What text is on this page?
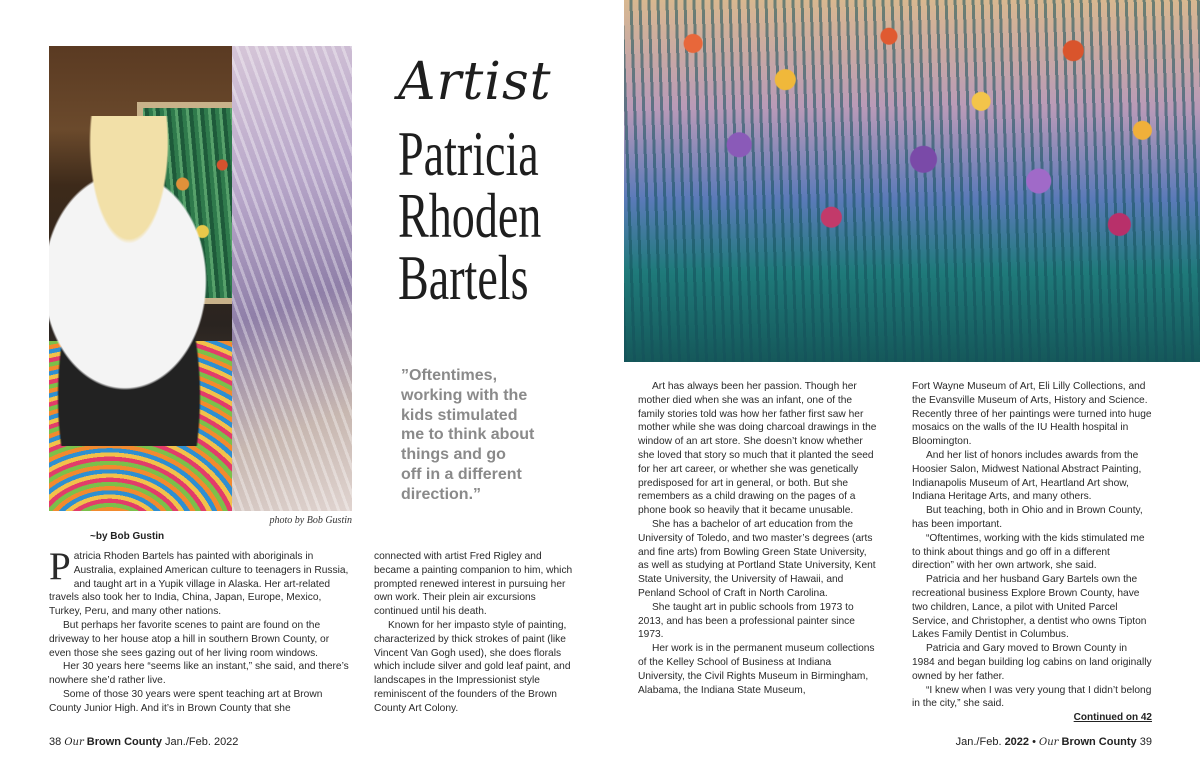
photo by Bob Gustin
Artist
Patricia
Rhoden
Bartels
”Oftentimes,
working with the
kids stimulated
me to think about
things and go
off in a different
direction.”
~by Bob Gustin

Patricia Rhoden Bartels has painted with aboriginals in Australia, explained American culture to teenagers in Russia, and taught art in a Yupik village in Alaska. Her art-related travels also took her to India, China, Japan, Europe, Mexico, Turkey, Peru, and many other nations.

But perhaps her favorite scenes to paint are found on the driveway to her house atop a hill in southern Brown County, or even those she sees gazing out of her living room windows.

Her 30 years here “seems like an instant,” she said, and there’s nowhere she’d rather live.

Some of those 30 years were spent teaching art at Brown County Junior High. And it’s in Brown County that she

connected with artist Fred Rigley and became a painting companion to him, which prompted renewed interest in pursuing her own work. Their plein air excursions continued until his death.

Known for her impasto style of painting, characterized by thick strokes of paint (like Vincent Van Gogh used), she does florals which include silver and gold leaf paint, and landscapes in the Impressionist style reminiscent of the founders of the Brown County Art Colony.

Art has always been her passion. Though her mother died when she was an infant, one of the family stories told was how her father first saw her mother while she was doing charcoal drawings in the window of an art store. She doesn’t know whether she loved that story so much that it planted the seed for her art career, or whether she was genetically predisposed for art in general, or both. But she remembers as a child drawing on the pages of a phone book so heavily that it became unusable.

She has a bachelor of art education from the University of Toledo, and two master’s degrees (arts and fine arts) from Bowling Green State University, as well as studying at Portland State University, Kent State University, the University of Hawaii, and Penland School of Craft in North Carolina.

She taught art in public schools from 1973 to 2013, and has been a professional painter since 1973.

Her work is in the permanent museum collections of the Kelley School of Business at Indiana University, the Civil Rights Museum in Birmingham, Alabama, the Indiana State Museum,

Fort Wayne Museum of Art, Eli Lilly Collections, and the Evansville Museum of Arts, History and Science. Recently three of her paintings were turned into huge mosaics on the walls of the IU Health hospital in Bloomington.

And her list of honors includes awards from the Hoosier Salon, Midwest National Abstract Painting, Indianapolis Museum of Art, Heartland Art show, Indiana Heritage Arts, and many others.

But teaching, both in Ohio and in Brown County, has been important.

“Oftentimes, working with the kids stimulated me to think about things and go off in a different direction” with her own artwork, she said.

Patricia and her husband Gary Bartels own the recreational business Explore Brown County, have two children, Lance, a pilot with United Parcel Service, and Christopher, a dentist who owns Tipton Lakes Family Dentist in Columbus.

Patricia and Gary moved to Brown County in 1984 and began building log cabins on land originally owned by her father.

“I knew when I was very young that I didn’t belong in the city,” she said.

Continued on 42
38 Our Brown County Jan./Feb. 2022	Jan./Feb. 2022 • Our Brown County 39
